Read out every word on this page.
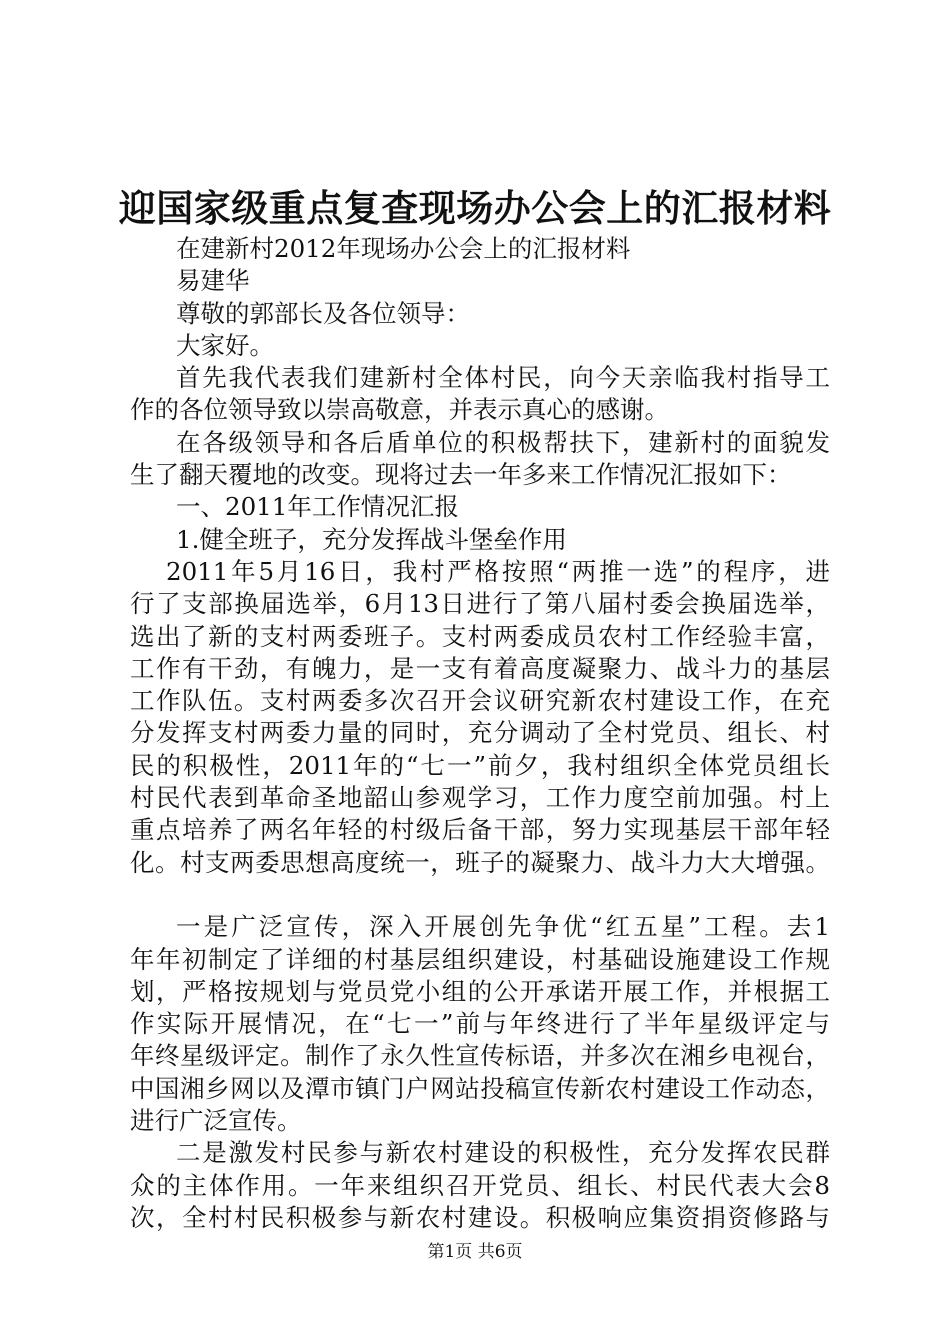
迎国家级重点复查现场办公会上的汇报材料
在建新村2012年现场办公会上的汇报材料
易建华
尊敬的郭部长及各位领导：
大家好。
首先我代表我们建新村全体村民，向今天亲临我村指导工
作的各位领导致以崇高敬意，并表示真心的感谢。
在各级领导和各后盾单位的积极帮扶下，建新村的面貌发
生了翻天覆地的改变。现将过去一年多来工作情况汇报如下：
一、2011年工作情况汇报
1.健全班子，充分发挥战斗堡垒作用
2011年5月16日，我村严格按照“两推一选”的程序，进
行了支部换届选举，6月13日进行了第八届村委会换届选举，
选出了新的支村两委班子。支村两委成员农村工作经验丰富，
工作有干劲，有魄力，是一支有着高度凝聚力、战斗力的基层
工作队伍。支村两委多次召开会议研究新农村建设工作，在充
分发挥支村两委力量的同时，充分调动了全村党员、组长、村
民的积极性，2011年的“七一”前夕，我村组织全体党员组长
村民代表到革命圣地韶山参观学习，工作力度空前加强。村上
重点培养了两名年轻的村级后备干部，努力实现基层干部年轻
化。村支两委思想高度统一，班子的凝聚力、战斗力大大增强。
一是广泛宣传，深入开展创先争优“红五星”工程。去1
年年初制定了详细的村基层组织建设，村基础设施建设工作规
划，严格按规划与党员党小组的公开承诺开展工作，并根据工
作实际开展情况，在“七一”前与年终进行了半年星级评定与
年终星级评定。制作了永久性宣传标语，并多次在湘乡电视台，
中国湘乡网以及潭市镇门户网站投稿宣传新农村建设工作动态，
进行广泛宣传。
二是激发村民参与新农村建设的积极性，充分发挥农民群
众的主体作用。一年来组织召开党员、组长、村民代表大会8
次，全村村民积极参与新农村建设。积极响应集资捐资修路与
第1页 共6页
